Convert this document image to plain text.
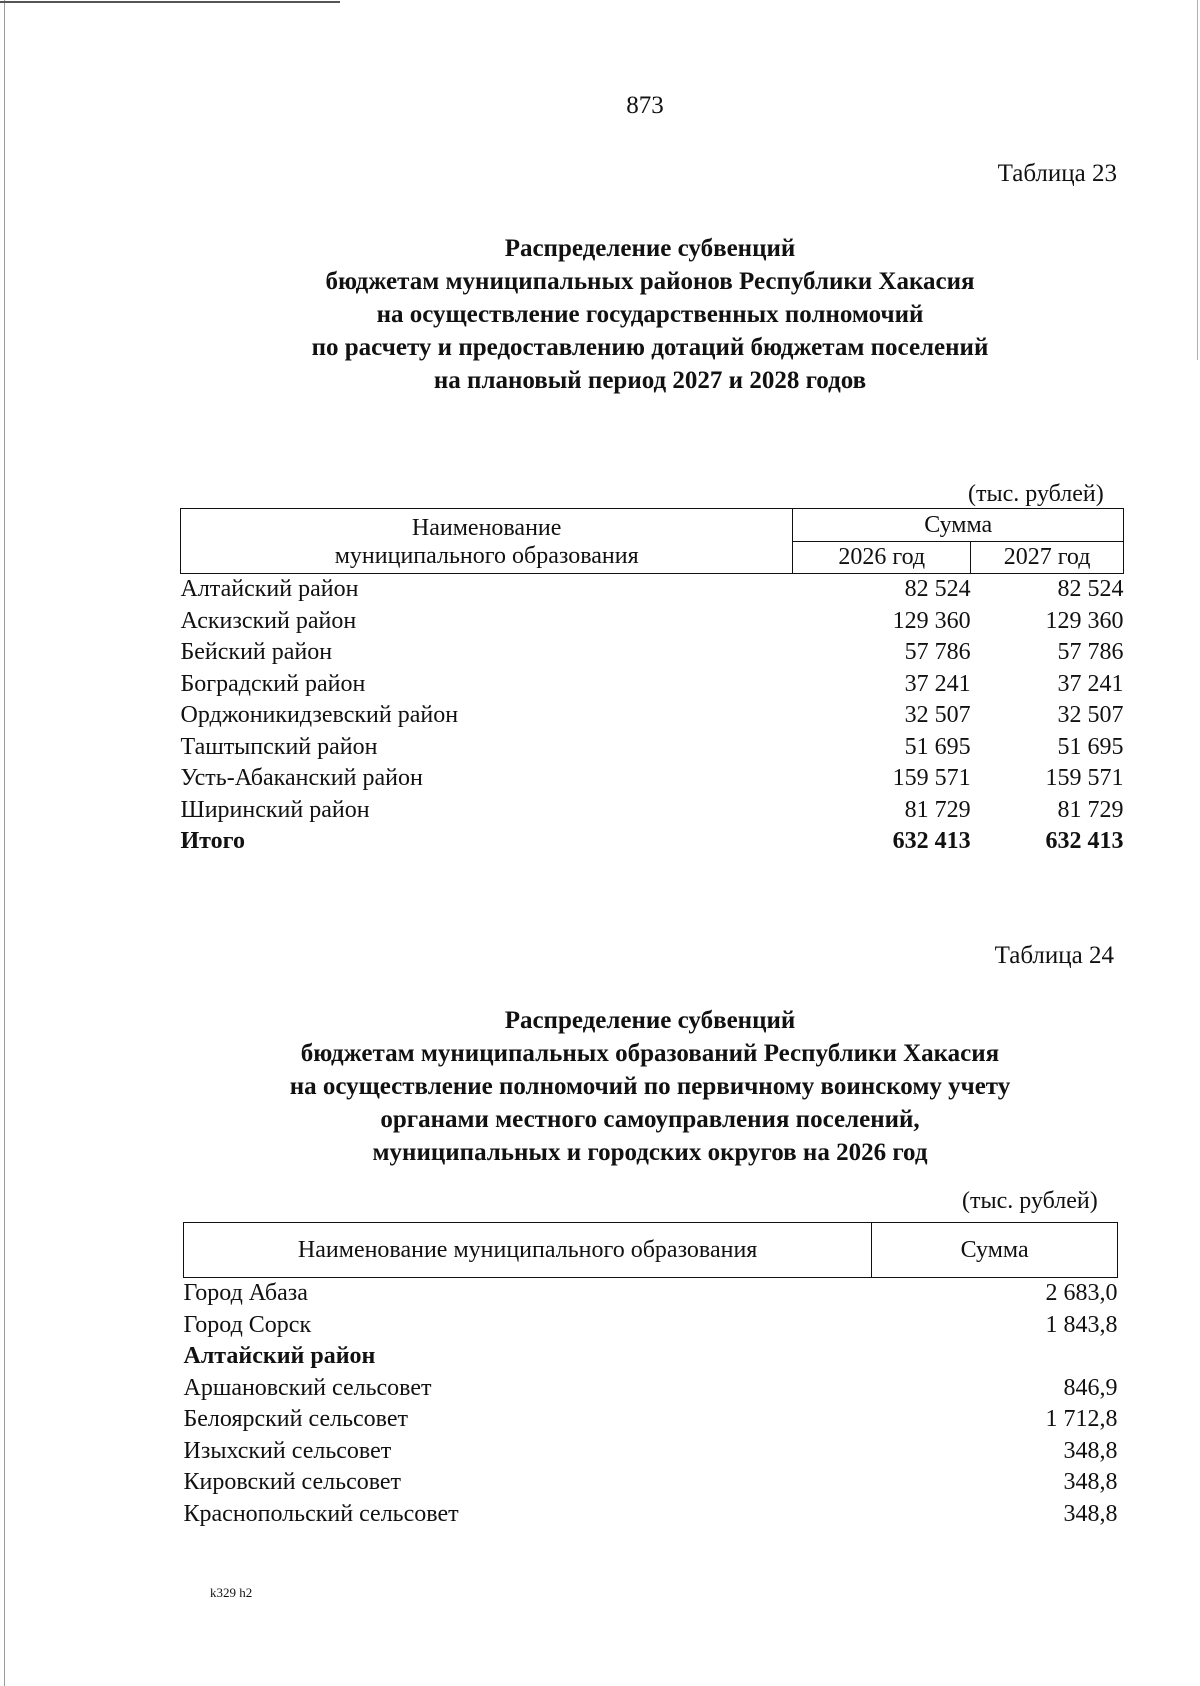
873
Таблица 23
Распределение субвенций
бюджетам муниципальных районов Республики Хакасия
на осуществление государственных полномочий
по расчету и предоставлению дотаций бюджетам поселений
на плановый период 2027 и 2028 годов
(тыс. рублей)
Наименование
муниципального образования	Сумма	
	2026 год	2027 год
Алтайский район	82 524	82 524
Аскизский район	129 360	129 360
Бейский район	57 786	57 786
Боградский район	37 241	37 241
Орджоникидзевский район	32 507	32 507
Таштыпский район	51 695	51 695
Усть-Абаканский район	159 571	159 571
Ширинский район	81 729	81 729
Итого	632 413	632 413
Таблица 24
Распределение субвенций
бюджетам муниципальных образований Республики Хакасия
на осуществление полномочий по первичному воинскому учету
органами местного самоуправления поселений,
муниципальных и городских округов на 2026 год
(тыс. рублей)
Наименование муниципального образования	Сумма
Город Абаза	2 683,0
Город Сорск	1 843,8
Алтайский район	
Аршановский сельсовет	846,9
Белоярский сельсовет	1 712,8
Изыхский сельсовет	348,8
Кировский сельсовет	348,8
Краснопольский сельсовет	348,8
k329 h2
